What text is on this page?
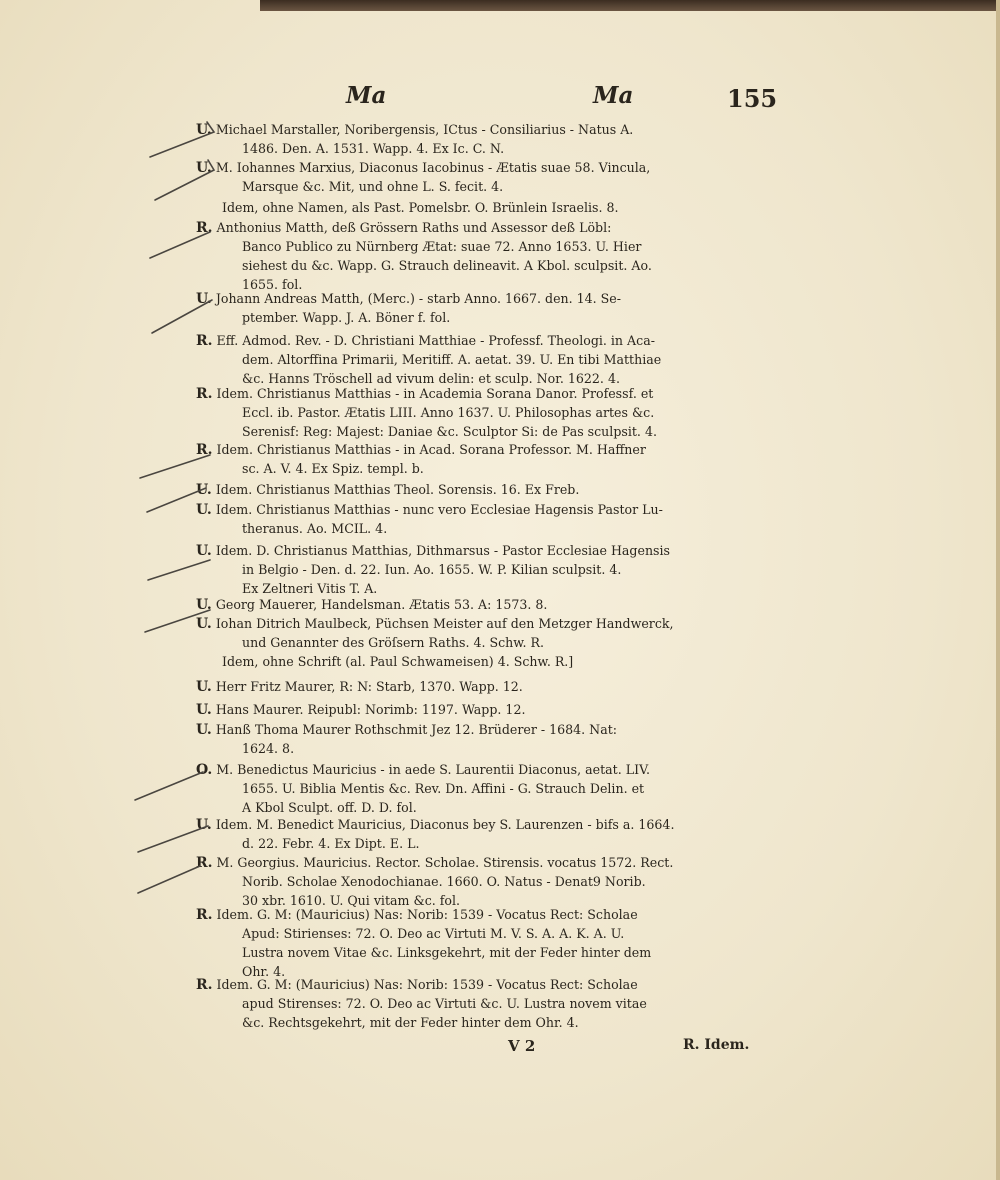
Ma	Ma	155
U. Michael Marstaller, Noribergensis, ICtus - Consiliarius - Natus A.
1486. Den. A. 1531. Wapp. 4. Ex Ic. C. N.
U. M. Iohannes Marxius, Diaconus Iacobinus - Ætatis suae 58. Vincula,
Marsque &c. Mit, und ohne L. S. fecit. 4.
Idem, ohne Namen, als Past. Pomelsbr. O. Brünlein Israelis. 8.
R. Anthonius Matth, deß Grössern Raths und Assessor deß Löbl:
Banco Publico zu Nürnberg Ætat: suae 72. Anno 1653. U. Hier
siehest du &c. Wapp. G. Strauch delineavit. A Kbol. sculpsit. Ao.
1655. fol.
U. Johann Andreas Matth, (Merc.) - starb Anno. 1667. den. 14. Se-
ptember. Wapp. J. A. Böner f. fol.
R. Eff. Admod. Rev. - D. Christiani Matthiae - Professf. Theologi. in Aca-
dem. Altorffina Primarii, Meritiff. A. aetat. 39. U. En tibi Matthiae
&c. Hanns Tröschell ad vivum delin: et sculp. Nor. 1622. 4.
R. Idem. Christianus Matthias - in Academia Sorana Danor. Professf. et
Eccl. ib. Pastor. Ætatis LIII. Anno 1637. U. Philosophas artes &c.
Serenisf: Reg: Majest: Daniae &c. Sculptor Si: de Pas sculpsit. 4.
R. Idem. Christianus Matthias - in Acad. Sorana Professor. M. Haffner
sc. A. V. 4. Ex Spiz. templ. b.
U. Idem. Christianus Matthias Theol. Sorensis. 16. Ex Freb.
U. Idem. Christianus Matthias - nunc vero Ecclesiae Hagensis Pastor Lu-
theranus. Ao. MCIL. 4.
U. Idem. D. Christianus Matthias, Dithmarsus - Pastor Ecclesiae Hagensis
in Belgio - Den. d. 22. Iun. Ao. 1655. W. P. Kilian sculpsit. 4.
Ex Zeltneri Vitis T. A.
U. Georg Mauerer, Handelsman. Ætatis 53. A: 1573. 8.
U. Iohan Ditrich Maulbeck, Püchsen Meister auf den Metzger Handwerck,
und Genannter des Gröſsern Raths. 4. Schw. R.
Idem, ohne Schrift (al. Paul Schwameisen) 4. Schw. R.]
U. Herr Fritz Maurer, R: N: Starb, 1370. Wapp. 12.
U. Hans Maurer. Reipubl: Norimb: 1197. Wapp. 12.
U. Hanß Thoma Maurer Rothschmit Jez 12. Brüderer - 1684. Nat:
1624. 8.
O. M. Benedictus Mauricius - in aede S. Laurentii Diaconus, aetat. LIV.
1655. U. Biblia Mentis &c. Rev. Dn. Affini - G. Strauch Delin. et
A Kbol Sculpt. off. D. D. fol.
U. Idem. M. Benedict Mauricius, Diaconus bey S. Laurenzen - bifs a. 1664.
d. 22. Febr. 4. Ex Dipt. E. L.
R. M. Georgius. Mauricius. Rector. Scholae. Stirensis. vocatus 1572. Rect.
Norib. Scholae Xenodochianae. 1660. O. Natus - Denat9 Norib.
30 xbr. 1610. U. Qui vitam &c. fol.
R. Idem. G. M: (Mauricius) Nas: Norib: 1539 - Vocatus Rect: Scholae
Apud: Stirienses: 72. O. Deo ac Virtuti M. V. S. A. A. K. A. U.
Lustra novem Vitae &c. Linksgekehrt, mit der Feder hinter dem
Ohr. 4.
R. Idem. G. M: (Mauricius) Nas: Norib: 1539 - Vocatus Rect: Scholae
apud Stirenses: 72. O. Deo ac Virtuti &c. U. Lustra novem vitae
&c. Rechtsgekehrt, mit der Feder hinter dem Ohr. 4.
V 2	R. Idem.
